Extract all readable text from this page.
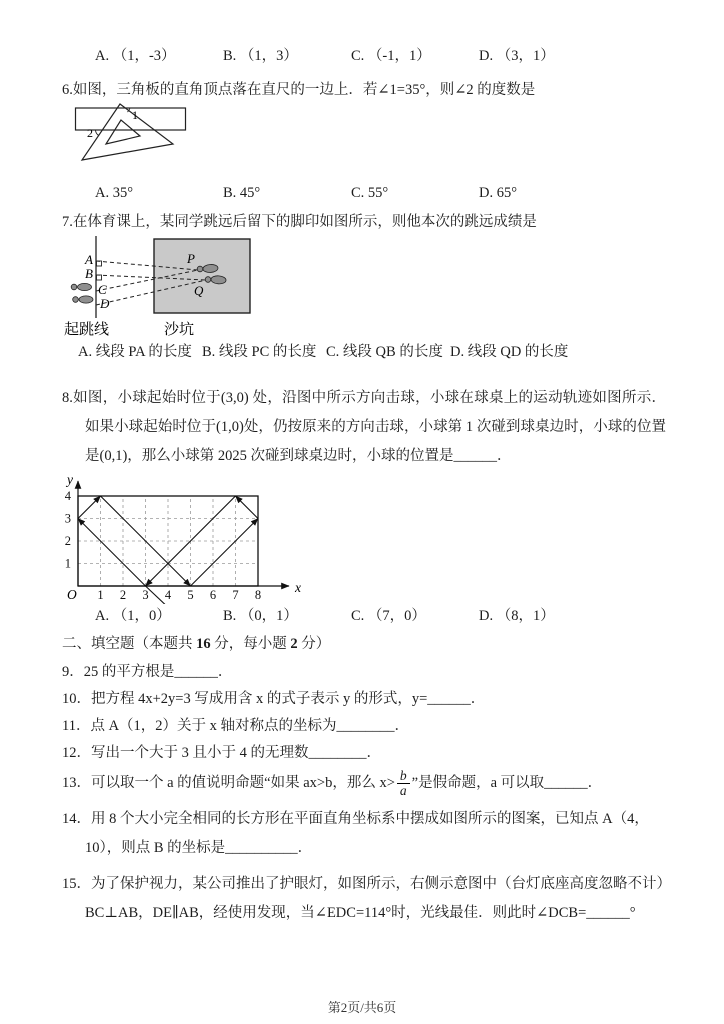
A. （1，-3）	B. （1，3）	C. （-1，1）	D. （3，1）

6.如图，三角板的直角顶点落在直尺的一边上．若∠1=35°，则∠2 的度数是

1
2
A. 35°	B. 45°	C. 55°	D. 65°

7.在体育课上，某同学跳远后留下的脚印如图所示，则他本次的跳远成绩是

A
B
C
D
P
Q
起跳线	沙坑
A. 线段 PA 的长度 B. 线段 PC 的长度 C. 线段 QB 的长度 D. 线段 QD 的长度

8.如图，小球起始时位于(3,0) 处，沿图中所示方向击球，小球在球桌上的运动轨迹如图所示．如果小球起始时位于(1,0)处，仍按原来的方向击球，小球第 1 次碰到球桌边时，小球的位置是(0,1)，那么小球第 2025 次碰到球桌边时，小球的位置是______．

1 2 3 4 5 6 7 8
1
2
3
4
O	x
y
A. （1，0）	B. （0，1）	C. （7，0）	D. （8，1）

二、填空题（本题共 16 分，每小题 2 分）

9．25 的平方根是______．

10．把方程 4x+2y=3 写成用含 x 的式子表示 y 的形式，y=______．

11．点 A（1，2）关于 x 轴对称点的坐标为________．

12．写出一个大于 3 且小于 4 的无理数________．

13．可以取一个 a 的值说明命题“如果 ax>b，那么 $x> \frac{b}{a}$ ”是假命题，a 可以取______．

14．用 8 个大小完全相同的长方形在平面直角坐标系中摆成如图所示的图案，已知点 A（4，10），则点 B 的坐标是__________．

15．为了保护视力，某公司推出了护眼灯，如图所示，右侧示意图中（台灯底座高度忽略不计）BC⊥AB，DE∥AB，经使用发现，当∠EDC=114°时，光线最佳．则此时∠DCB=______°

第2页/共6页
